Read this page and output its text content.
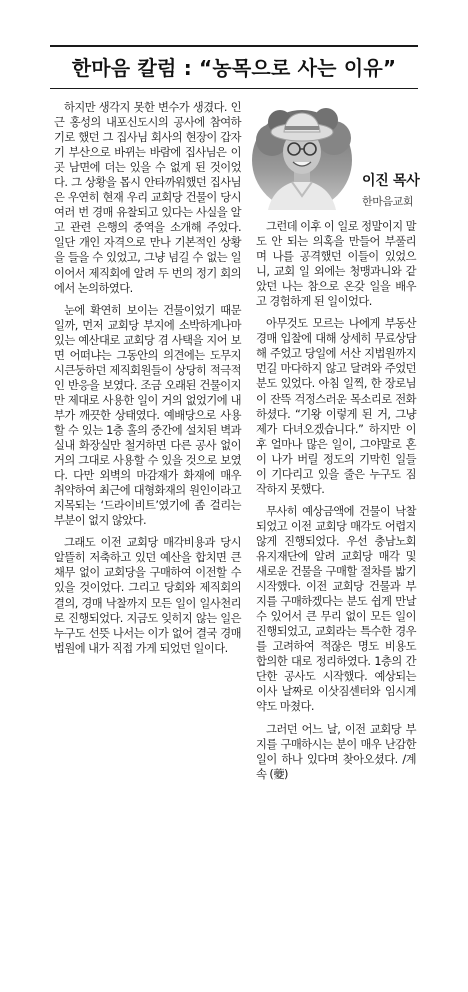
한마음 칼럼 : “농목으로 사는 이유”

하지만 생각지 못한 변수가 생겼다. 인근 홍성의 내포신도시의 공사에 참여하기로 했던 그 집사님 회사의 현장이 갑자기 부산으로 바뀌는 바람에 집사님은 이곳 남면에 더는 있을 수 없게 된 것이었다. 그 상황을 몹시 안타까워했던 집사님은 우연히 현재 우리 교회당 건물이 당시 여러 번 경매 유찰되고 있다는 사실을 알고 관련 은행의 중역을 소개해 주었다. 일단 개인 자격으로 만나 기본적인 상황을 들을 수 있었고, 그냥 넘길 수 없는 일이어서 제직회에 알려 두 번의 정기 회의에서 논의하였다.

눈에 확연히 보이는 건물이었기 때문일까, 먼저 교회당 부지에 소박하게나마 있는 예산대로 교회당 겸 사택을 지어 보면 어떠냐는 그동안의 의견에는 도무지 시큰둥하던 제직회원들이 상당히 적극적인 반응을 보였다. 조금 오래된 건물이지만 제대로 사용한 일이 거의 없었기에 내부가 깨끗한 상태였다. 예배당으로 사용할 수 있는 1층 홀의 중간에 설치된 벽과 실내 화장실만 철거하면 다른 공사 없이 거의 그대로 사용할 수 있을 것으로 보였다. 다만 외벽의 마감재가 화재에 매우 취약하여 최근에 대형화재의 원인이라고 지목되는 ‘드라이비트’였기에 좀 걸리는 부분이 없지 않았다.

그래도 이전 교회당 매각비용과 당시 알뜰히 저축하고 있던 예산을 합치면 큰 채무 없이 교회당을 구매하여 이전할 수 있을 것이었다. 그리고 당회와 제직회의 결의, 경매 낙찰까지 모든 일이 일사천리로 진행되었다. 지금도 잊히지 않는 일은 누구도 선뜻 나서는 이가 없어 결국 경매 법원에 내가 직접 가게 되었던 일이다.

이진 목사
한마음교회

그런데 이후 이 일로 정말이지 말도 안 되는 의혹을 만들어 부풀리며 나를 공격했던 이들이 있었으니, 교회 일 외에는 청맹과니와 같았던 나는 참으로 온갖 일을 배우고 경험하게 된 일이었다.

아무것도 모르는 나에게 부동산 경매 입찰에 대해 상세히 무료상담해 주었고 당일에 서산 지법원까지 먼길 마다하지 않고 달려와 주었던 분도 있었다. 아침 일찍, 한 장로님이 잔뜩 걱정스러운 목소리로 전화하셨다. “기왕 이렇게 된 거, 그냥 제가 다녀오겠습니다.” 하지만 이후 얼마나 많은 일이, 그야말로 혼이 나가 버릴 정도의 기막힌 일들이 기다리고 있을 줄은 누구도 짐작하지 못했다.

무사히 예상금액에 건물이 낙찰되었고 이전 교회당 매각도 어렵지 않게 진행되었다. 우선 충남노회 유지재단에 알려 교회당 매각 및 새로운 건물을 구매할 절차를 밟기 시작했다. 이전 교회당 건물과 부지를 구매하겠다는 분도 쉽게 만날 수 있어서 큰 무리 없이 모든 일이 진행되었고, 교회라는 특수한 경우를 고려하여 적잖은 명도 비용도 합의한 대로 정리하였다. 1층의 간단한 공사도 시작했다. 예상되는 이사 날짜로 이삿짐센터와 임시계약도 마쳤다.

그러던 어느 날, 이전 교회당 부지를 구매하시는 분이 매우 난감한 일이 하나 있다며 찾아오셨다. /계속 (䕫)
